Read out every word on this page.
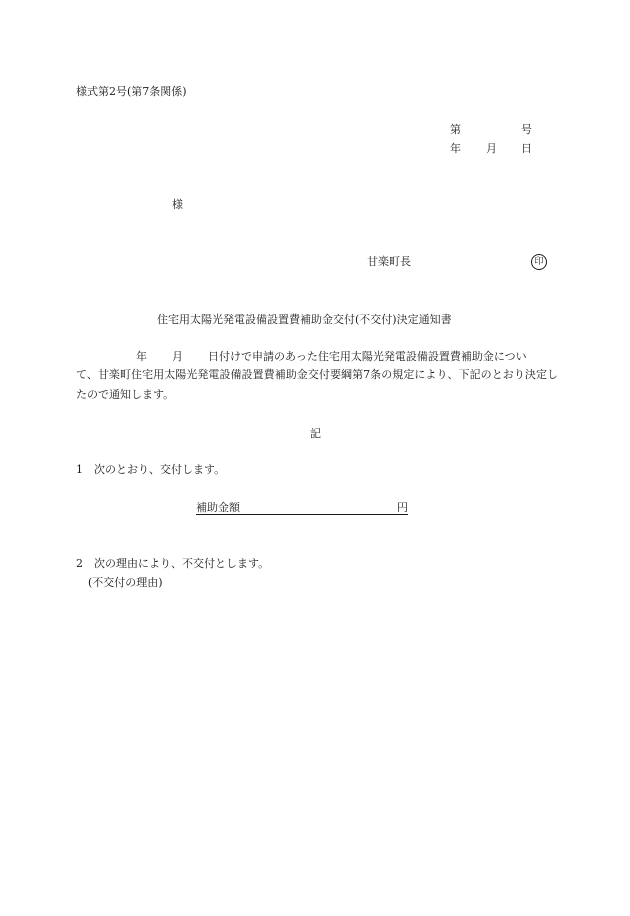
様式第2号(第7条関係)
第	号
年 月 日
様
甘楽町長	印
住宅用太陽光発電設備設置費補助金交付(不交付)決定通知書
年 月 日付けで申請のあった住宅用太陽光発電設備設置費補助金につい
て、甘楽町住宅用太陽光発電設備設置費補助金交付要綱第7条の規定により、下記のとおり決定したので通知します。
記
1　次のとおり、交付します。
補助金額	円
2　次の理由により、不交付とします。
(不交付の理由)
